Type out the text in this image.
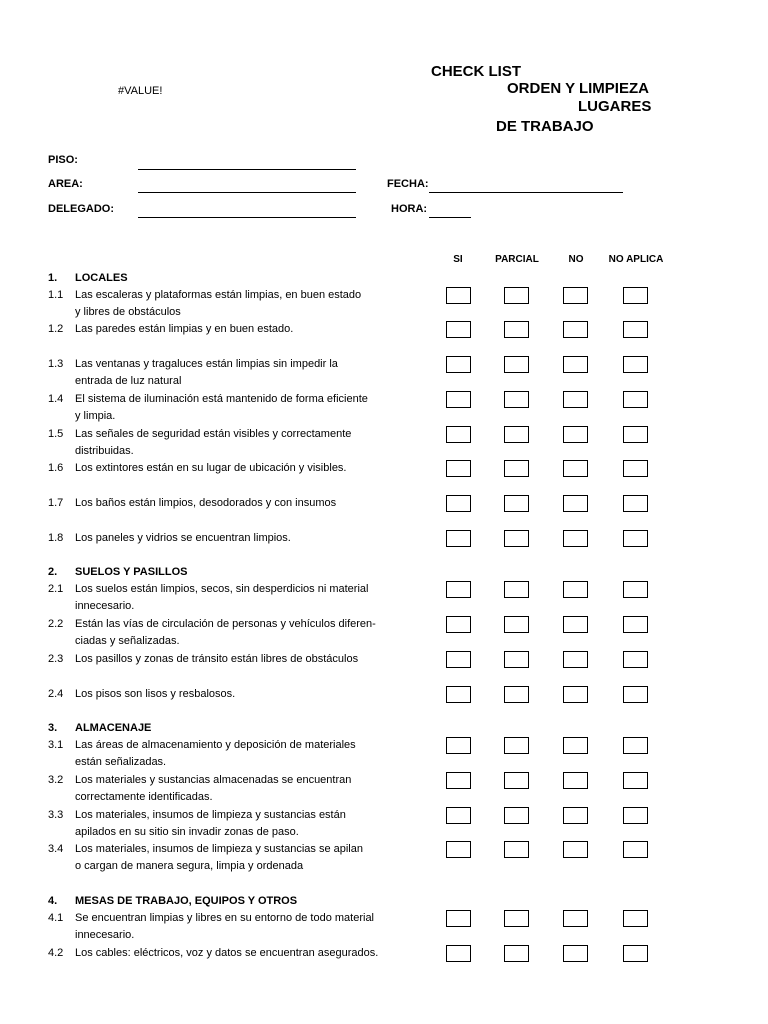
CHECK LIST
#VALUE!	ORDEN Y LIMPIEZA
LUGARES
DE TRABAJO
PISO:
AREA:	FECHA:
DELEGADO:	HORA:
SI	PARCIAL	NO	NO APLICA
1. LOCALES
1.1 Las escaleras y plataformas están limpias, en buen estado
y libres de obstáculos
1.2 Las paredes están limpias y en buen estado.
1.3 Las ventanas y tragaluces están limpias sin impedir la
entrada de luz natural
1.4 El sistema de iluminación está mantenido de forma eficiente
y limpia.
1.5 Las señales de seguridad están visibles y correctamente
distribuidas.
1.6 Los extintores están en su lugar de ubicación y visibles.
1.7 Los baños están limpios, desodorados y con insumos
1.8 Los paneles y vidrios se encuentran limpios.
2. SUELOS Y PASILLOS
2.1 Los suelos están limpios, secos, sin desperdicios ni material
innecesario.
2.2 Están las vías de circulación de personas y vehículos diferen-
ciadas y señalizadas.
2.3 Los pasillos y zonas de tránsito están libres de obstáculos
2.4 Los pisos son lisos y resbalosos.
3. ALMACENAJE
3.1 Las áreas de almacenamiento y deposición de materiales
están señalizadas.
3.2 Los materiales y sustancias almacenadas se encuentran
correctamente identificadas.
3.3 Los materiales, insumos de limpieza y sustancias están
apilados en su sitio sin invadir zonas de paso.
3.4 Los materiales, insumos de limpieza y sustancias se apilan
o cargan de manera segura, limpia y ordenada
4. MESAS DE TRABAJO, EQUIPOS Y OTROS
4.1 Se encuentran limpias y libres en su entorno de todo material
innecesario.
4.2 Los cables: eléctricos, voz y datos se encuentran asegurados.
